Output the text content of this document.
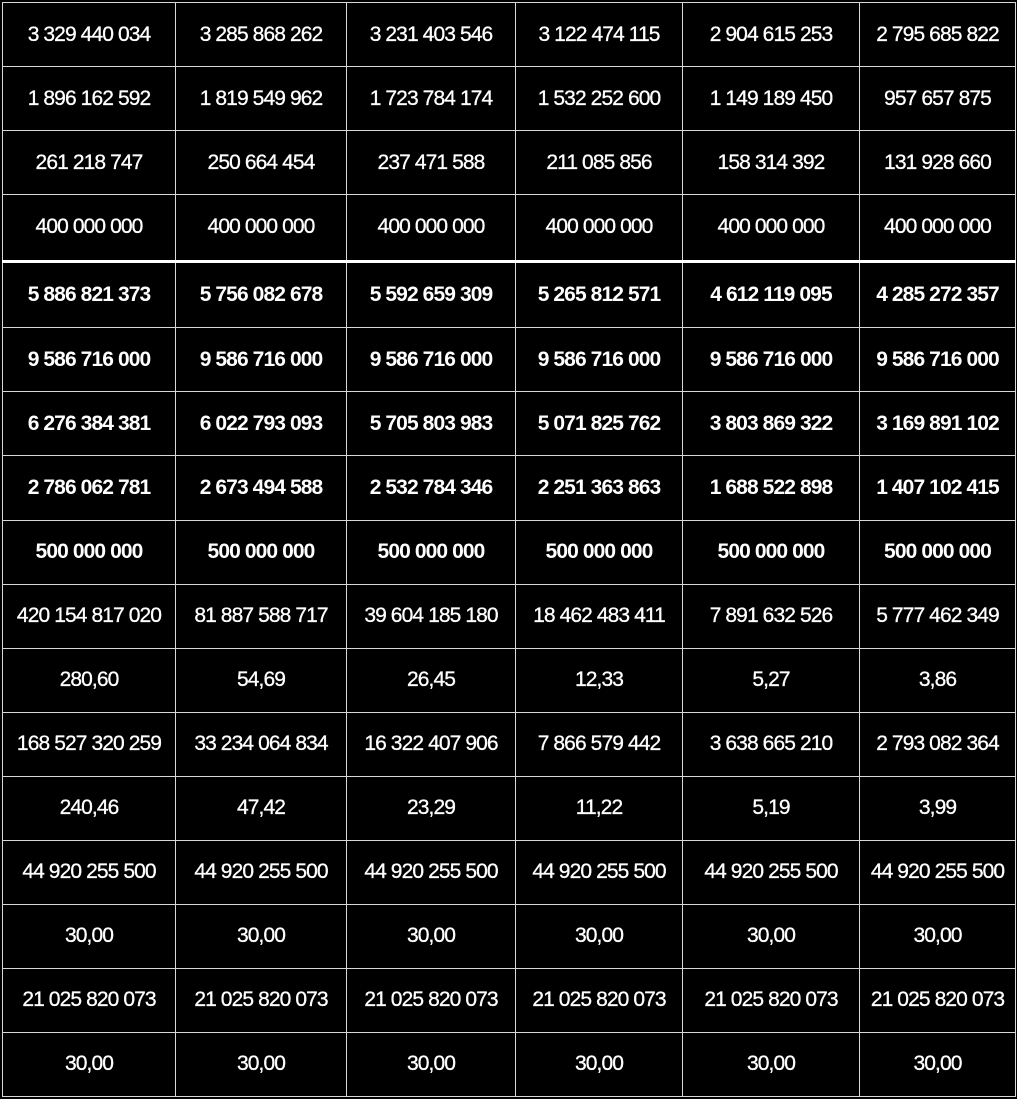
3 329 440 034	3 285 868 262	3 231 403 546	3 122 474 115	2 904 615 253	2 795 685 822
1 896 162 592	1 819 549 962	1 723 784 174	1 532 252 600	1 149 189 450	957 657 875
261 218 747	250 664 454	237 471 588	211 085 856	158 314 392	131 928 660
400 000 000	400 000 000	400 000 000	400 000 000	400 000 000	400 000 000
5 886 821 373	5 756 082 678	5 592 659 309	5 265 812 571	4 612 119 095	4 285 272 357
9 586 716 000	9 586 716 000	9 586 716 000	9 586 716 000	9 586 716 000	9 586 716 000
6 276 384 381	6 022 793 093	5 705 803 983	5 071 825 762	3 803 869 322	3 169 891 102
2 786 062 781	2 673 494 588	2 532 784 346	2 251 363 863	1 688 522 898	1 407 102 415
500 000 000	500 000 000	500 000 000	500 000 000	500 000 000	500 000 000
420 154 817 020	81 887 588 717	39 604 185 180	18 462 483 411	7 891 632 526	5 777 462 349
280,60	54,69	26,45	12,33	5,27	3,86
168 527 320 259	33 234 064 834	16 322 407 906	7 866 579 442	3 638 665 210	2 793 082 364
240,46	47,42	23,29	11,22	5,19	3,99
44 920 255 500	44 920 255 500	44 920 255 500	44 920 255 500	44 920 255 500	44 920 255 500
30,00	30,00	30,00	30,00	30,00	30,00
21 025 820 073	21 025 820 073	21 025 820 073	21 025 820 073	21 025 820 073	21 025 820 073
30,00	30,00	30,00	30,00	30,00	30,00
